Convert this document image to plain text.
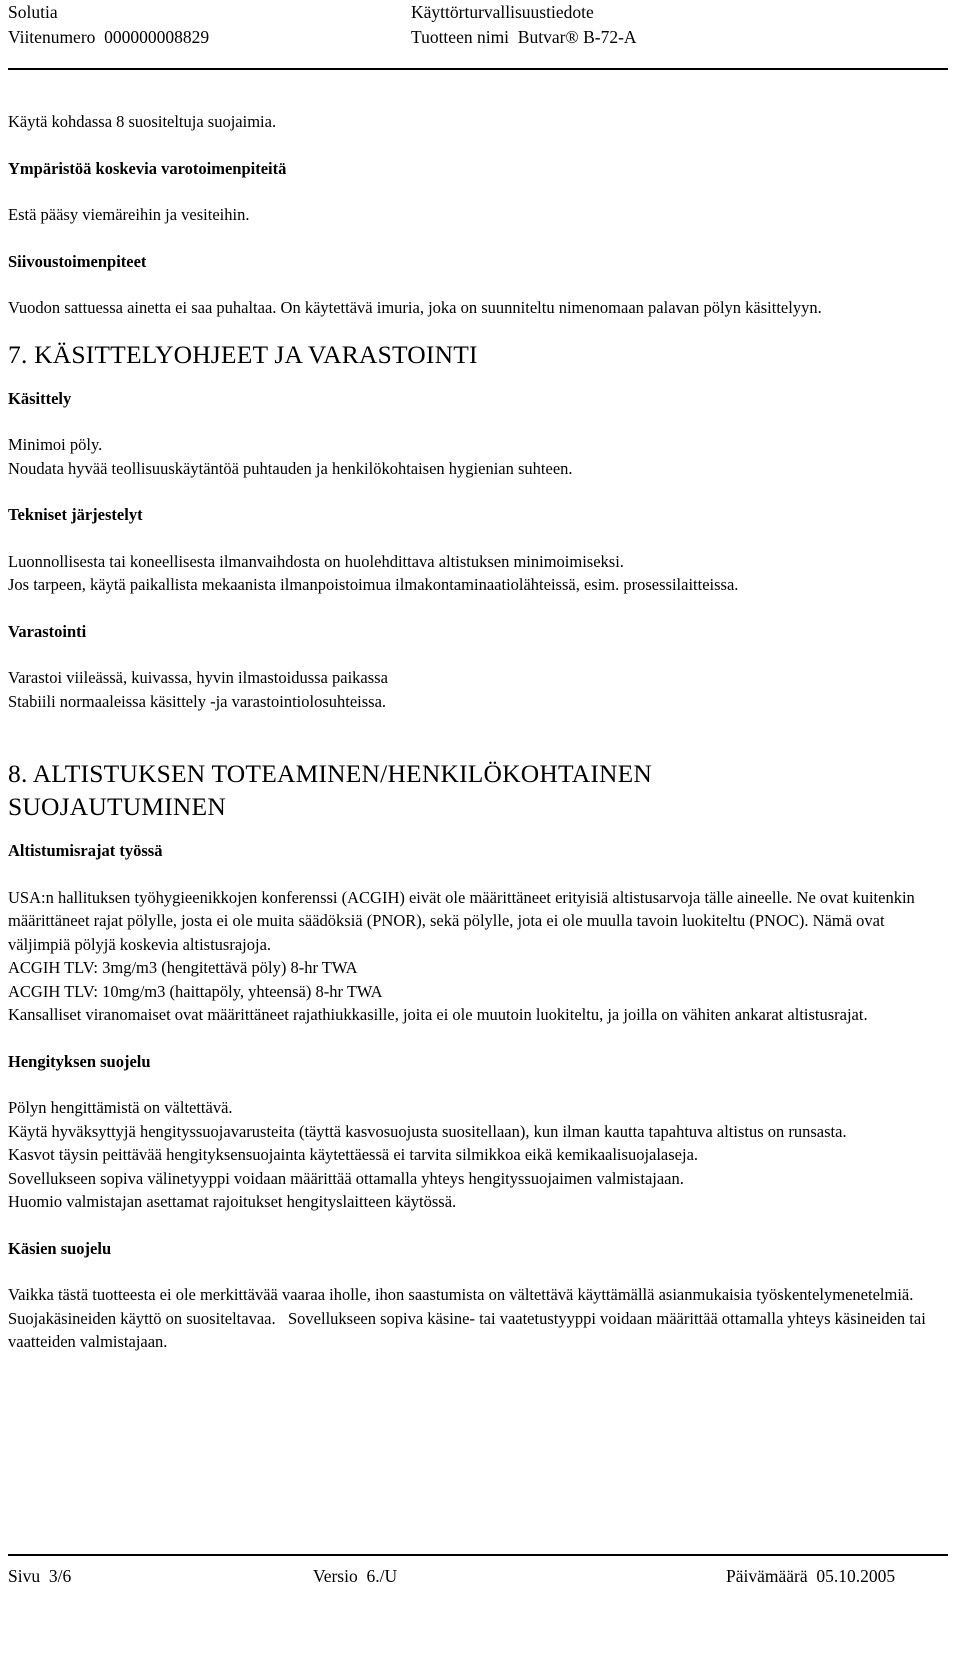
Solutia
Viitenumero  000000008829
Käyttörturvallisuustiedote
Tuotteen nimi  Butvar® B-72-A

Käytä kohdassa 8 suositeltuja suojaimia.

Ympäristöä koskevia varotoimenpiteitä

Estä pääsy viemäreihin ja vesiteihin.

Siivoustoimenpiteet

Vuodon sattuessa ainetta ei saa puhaltaa. On käytettävä imuria, joka on suunniteltu nimenomaan palavan pölyn käsittelyyn.

7. KÄSITTELYOHJEET JA VARASTOINTI

Käsittely

Minimoi pöly.

Noudata hyvää teollisuuskäytäntöä puhtauden ja henkilökohtaisen hygienian suhteen.

Tekniset järjestelyt

Luonnollisesta tai koneellisesta ilmanvaihdosta on huolehdittava altistuksen minimoimiseksi.

Jos tarpeen, käytä paikallista mekaanista ilmanpoistoimua ilmakontaminaatiolähteissä, esim. prosessilaitteissa.

Varastointi

Varastoi viileässä, kuivassa, hyvin ilmastoidussa paikassa

Stabiili normaaleissa käsittely -ja varastointiolosuhteissa.

8. ALTISTUKSEN TOTEAMINEN/HENKILÖKOHTAINEN

SUOJAUTUMINEN

Altistumisrajat työssä

USA:n hallituksen työhygieenikkojen konferenssi (ACGIH) eivät ole määrittäneet erityisiä altistusarvoja tälle aineelle. Ne ovat kuitenkin määrittäneet rajat pölylle, josta ei ole muita säädöksiä (PNOR), sekä pölylle, jota ei ole muulla tavoin luokiteltu (PNOC). Nämä ovat väljimpiä pölyjä koskevia altistusrajoja.

ACGIH TLV: 3mg/m3 (hengitettävä pöly) 8-hr TWA

ACGIH TLV: 10mg/m3 (haittapöly, yhteensä) 8-hr TWA

Kansalliset viranomaiset ovat määrittäneet rajathiukkasille, joita ei ole muutoin luokiteltu, ja joilla on vähiten ankarat altistusrajat.

Hengityksen suojelu

Pölyn hengittämistä on vältettävä.

Käytä hyväksyttyjä hengityssuojavarusteita (täyttä kasvosuojusta suositellaan), kun ilman kautta tapahtuva altistus on runsasta.

Kasvot täysin peittävää hengityksensuojainta käytettäessä ei tarvita silmikkoa eikä kemikaalisuojalaseja.

Sovellukseen sopiva välinetyyppi voidaan määrittää ottamalla yhteys hengityssuojaimen valmistajaan.

Huomio valmistajan asettamat rajoitukset hengityslaitteen käytössä.

Käsien suojelu

Vaikka tästä tuotteesta ei ole merkittävää vaaraa iholle, ihon saastumista on vältettävä käyttämällä asianmukaisia työskentelymenetelmiä.   Suojakäsineiden käyttö on suositeltavaa.   Sovellukseen sopiva käsine- tai vaatetustyyppi voidaan määrittää ottamalla yhteys käsineiden tai vaatteiden valmistajaan.

Sivu  3/6

	Versio  6./U

	Päivämäärä  05.10.2005
